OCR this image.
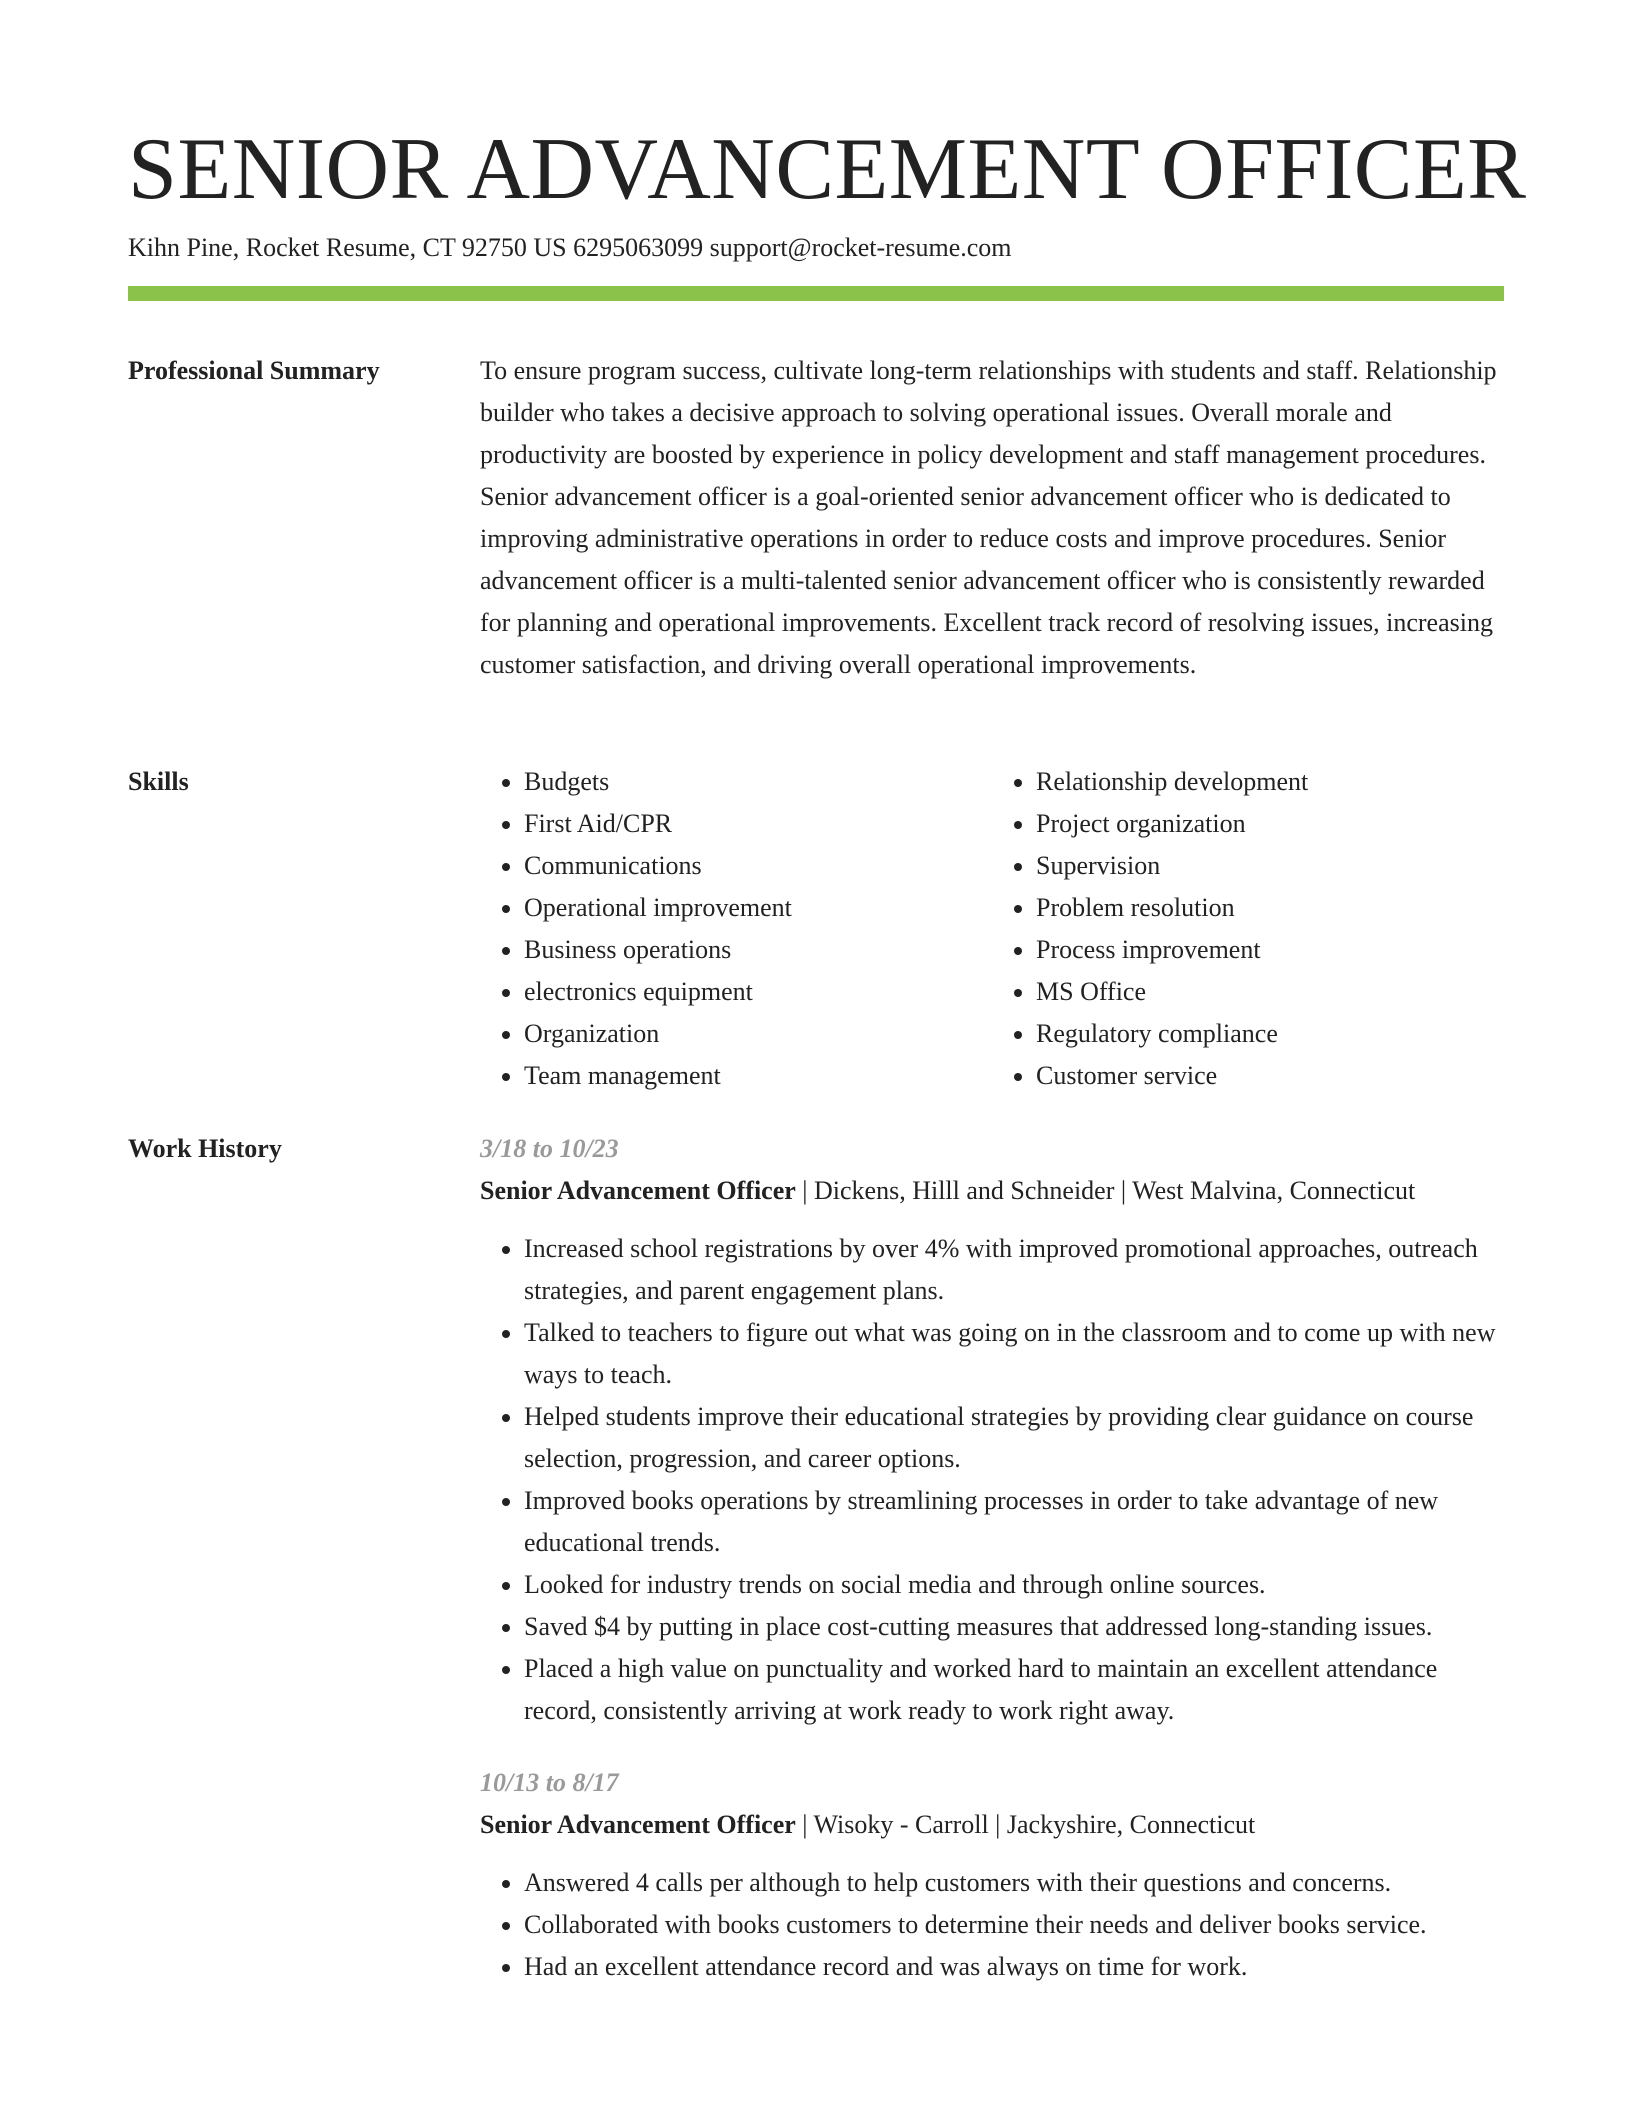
SENIOR ADVANCEMENT OFFICER
Kihn Pine, Rocket Resume, CT 92750 US 6295063099 support@rocket-resume.com
Professional Summary	To ensure program success, cultivate long-term relationships with students and staff. Relationship builder who takes a decisive approach to solving operational issues. Overall morale and productivity are boosted by experience in policy development and staff management procedures. Senior advancement officer is a goal-oriented senior advancement officer who is dedicated to improving administrative operations in order to reduce costs and improve procedures. Senior advancement officer is a multi-talented senior advancement officer who is consistently rewarded for planning and operational improvements. Excellent track record of resolving issues, increasing customer satisfaction, and driving overall operational improvements.

Skills
•	Budgets
• First Aid/CPR
• Communications
• Operational improvement
• Business operations
• electronics equipment
• Organization
• Team management
• Relationship development
• Project organization
• Supervision
• Problem resolution
• Process improvement
• MS Office
• Regulatory compliance
• Customer service
Work History	3/18 to 10/23
Senior Advancement Officer | Dickens, Hilll and Schneider | West Malvina, Connecticut
• Increased school registrations by over 4% with improved promotional approaches, outreach strategies, and parent engagement plans.
• Talked to teachers to figure out what was going on in the classroom and to come up with new ways to teach.
• Helped students improve their educational strategies by providing clear guidance on course selection, progression, and career options.
• Improved books operations by streamlining processes in order to take advantage of new educational trends.
• Looked for industry trends on social media and through online sources.
• Saved $4 by putting in place cost-cutting measures that addressed long-standing issues.
• Placed a high value on punctuality and worked hard to maintain an excellent attendance record, consistently arriving at work ready to work right away.
10/13 to 8/17
Senior Advancement Officer | Wisoky - Carroll | Jackyshire, Connecticut
• Answered 4 calls per although to help customers with their questions and concerns.
• Collaborated with books customers to determine their needs and deliver books service.
• Had an excellent attendance record and was always on time for work.
